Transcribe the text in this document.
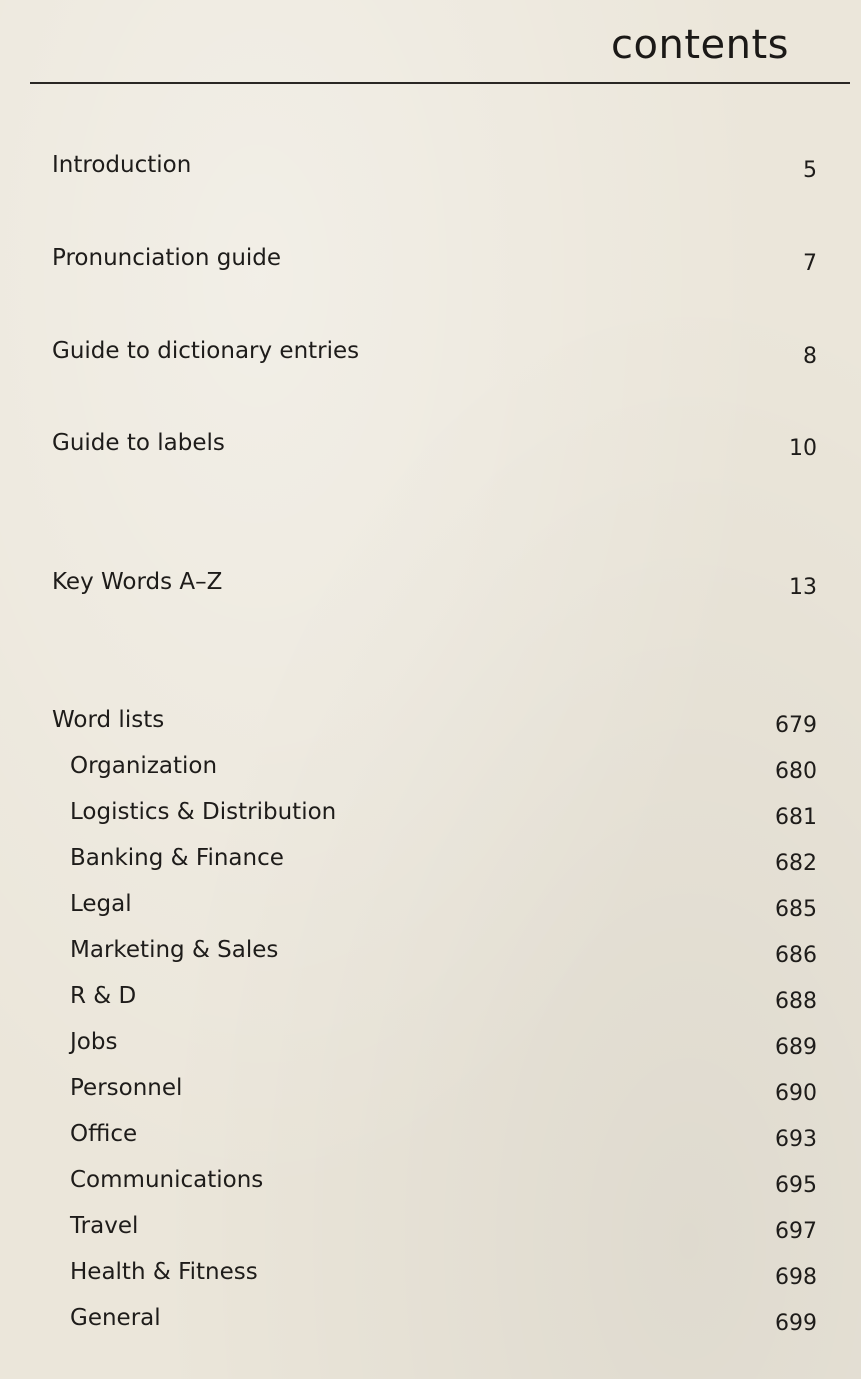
contents
Introduction	5
Pronunciation guide	7
Guide to dictionary entries	8
Guide to labels	10
Key Words A–Z	13
Word lists	679
Organization	680
Logistics & Distribution	681
Banking & Finance	682
Legal	685
Marketing & Sales	686
R & D	688
Jobs	689
Personnel	690
Office	693
Communications	695
Travel	697
Health & Fitness	698
General	699
